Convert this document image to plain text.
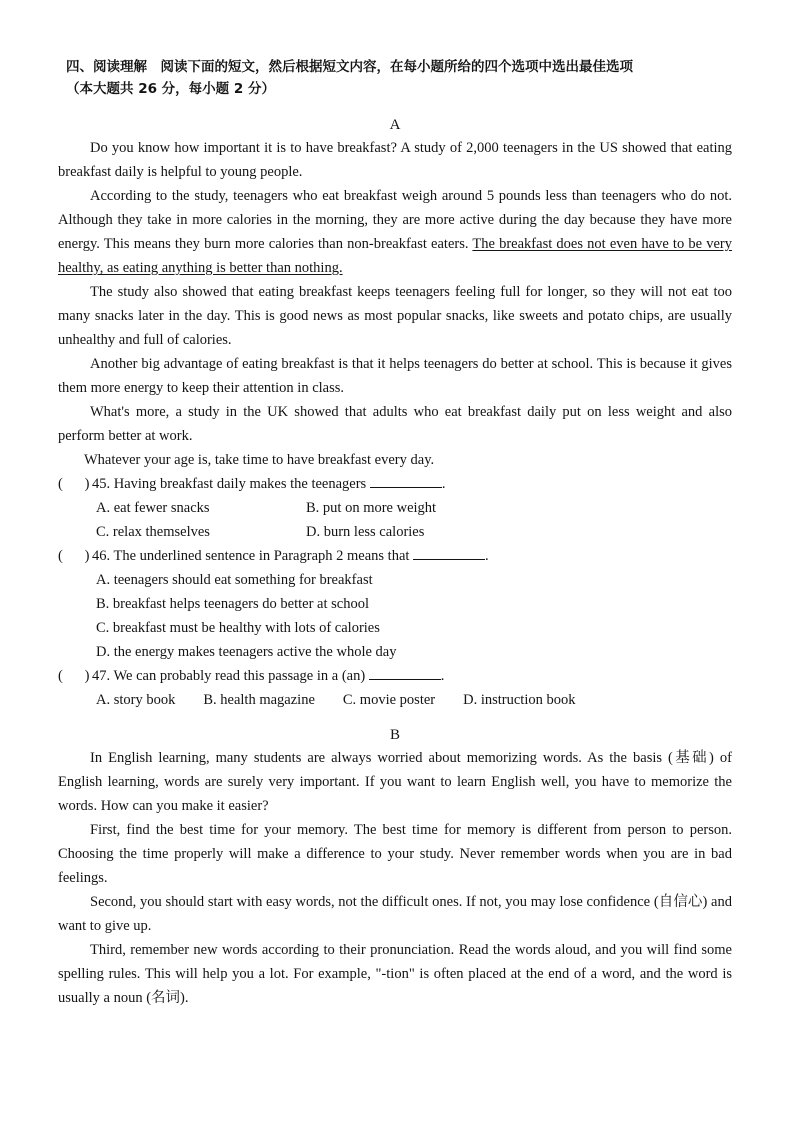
四、阅读理解　阅读下面的短文，然后根据短文内容，在每小题所给的四个选项中选出最佳选项
（本大题共 26 分，每小题 2 分）
A

Do you know how important it is to have breakfast? A study of 2,000 teenagers in the US showed that eating breakfast daily is helpful to young people.

According to the study, teenagers who eat breakfast weigh around 5 pounds less than teenagers who do not. Although they take in more calories in the morning, they are more active during the day because they have more energy. This means they burn more calories than non-breakfast eaters. The breakfast does not even have to be very healthy, as eating anything is better than nothing.

The study also showed that eating breakfast keeps teenagers feeling full for longer, so they will not eat too many snacks later in the day. This is good news as most popular snacks, like sweets and potato chips, are usually unhealthy and full of calories.

Another big advantage of eating breakfast is that it helps teenagers do better at school. This is because it gives them more energy to keep their attention in class.

What's more, a study in the UK showed that adults who eat breakfast daily put on less weight and also perform better at work.

Whatever your age is, take time to have breakfast every day.

(      ) 45. Having breakfast daily makes the teenagers	.
A. eat fewer snacks	B. put on more weight
C. relax themselves	D. burn less calories
(      ) 46. The underlined sentence in Paragraph 2 means that	.
A. teenagers should eat something for breakfast
B. breakfast helps teenagers do better at school
C. breakfast must be healthy with lots of calories
D. the energy makes teenagers active the whole day
(      ) 47. We can probably read this passage in a (an)	.
A. story book B. health magazine C. movie poster D. instruction book
B

In English learning, many students are always worried about memorizing words. As the basis (基础) of English learning, words are surely very important. If you want to learn English well, you have to memorize the words. How can you make it easier?

First, find the best time for your memory. The best time for memory is different from person to person. Choosing the time properly will make a difference to your study. Never remember words when you are in bad feelings.

Second, you should start with easy words, not the difficult ones. If not, you may lose confidence (自信心) and want to give up.

Third, remember new words according to their pronunciation. Read the words aloud, and you will find some spelling rules. This will help you a lot. For example, "-tion" is often placed at the end of a word, and the word is usually a noun (名词).
